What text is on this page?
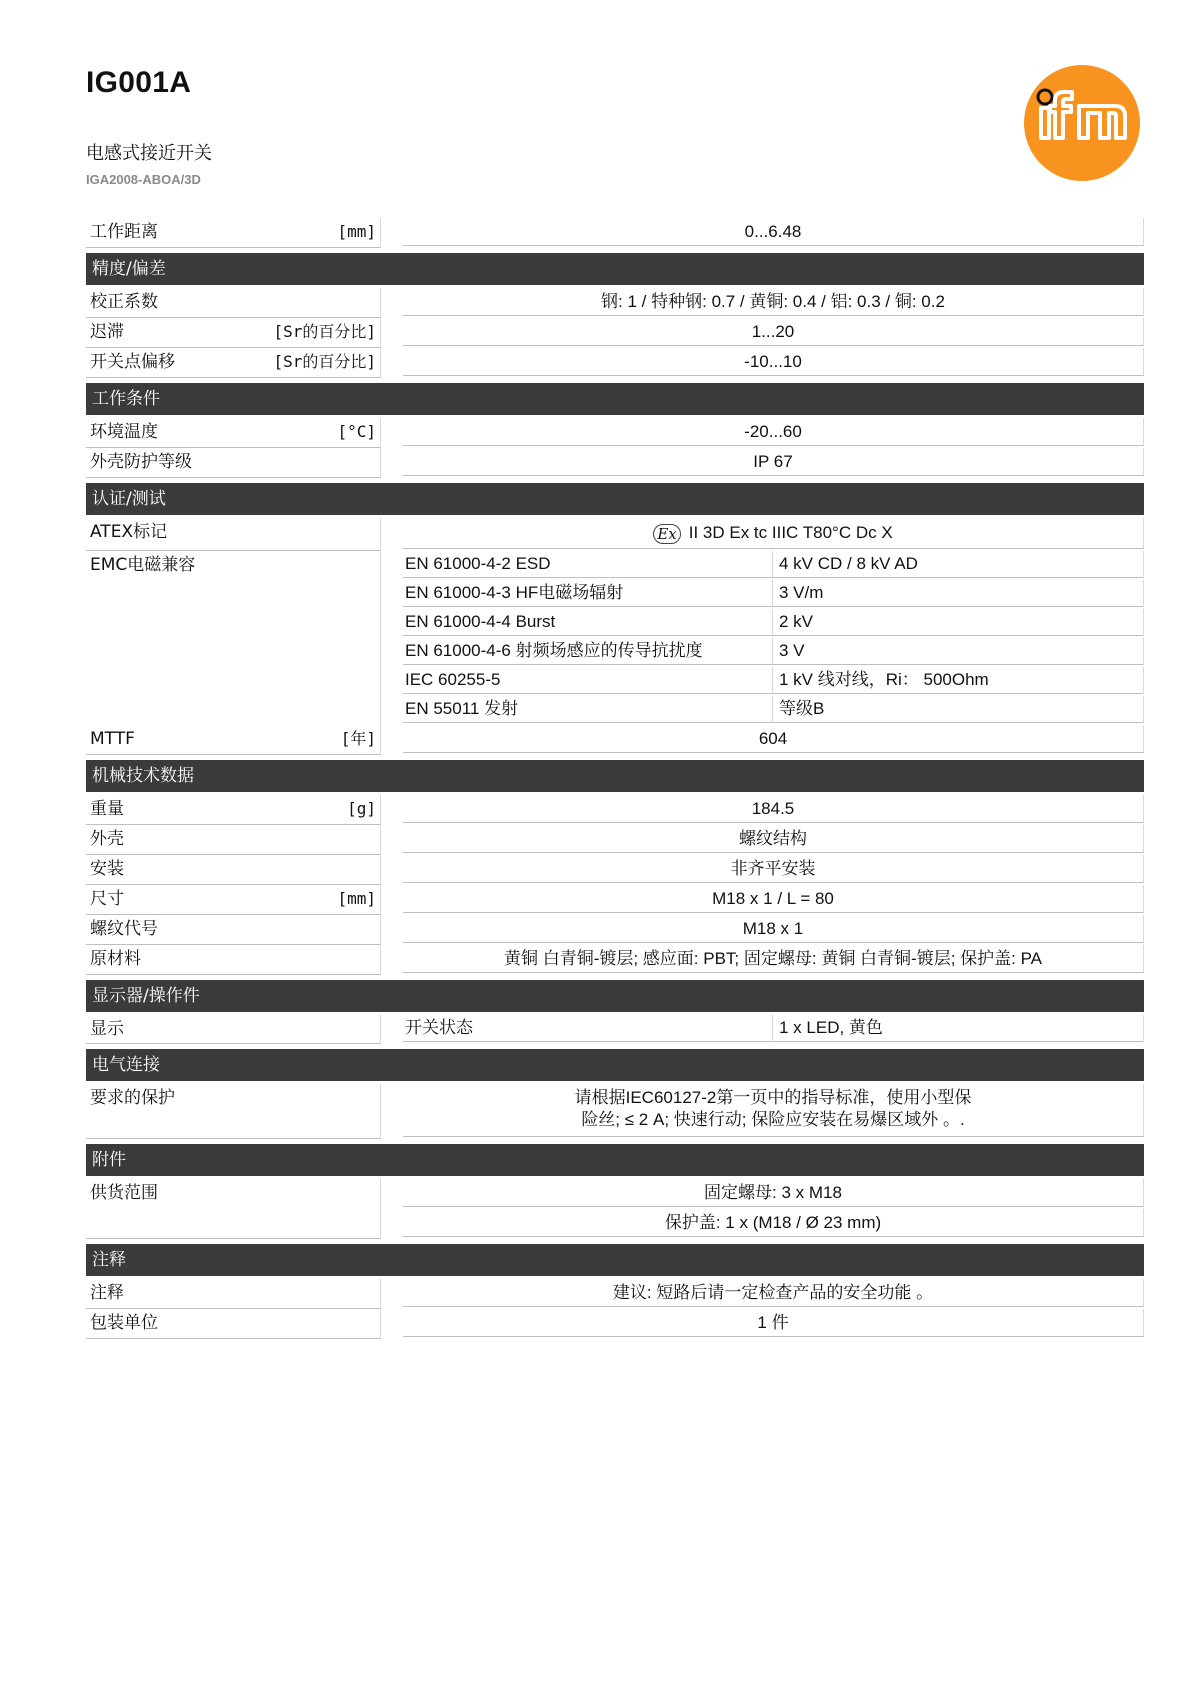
IG001A
电感式接近开关
IGA2008-ABOA/3D
工作距离	[mm]	0...6.48
精度/偏差
校正系数	钢: 1 / 特种钢: 0.7 / 黄铜: 0.4 / 铝: 0.3 / 铜: 0.2
迟滞	[Sr的百分比]	1...20
开关点偏移	[Sr的百分比]	-10...10
工作条件
环境温度	[°C]	-20...60
外壳防护等级	IP 67
认证/测试
ATEX标记	Ex II 3D Ex tc IIIC T80°C Dc X
EMC电磁兼容	EN 61000-4-2 ESD	4 kV CD / 8 kV AD
EN 61000-4-3 HF电磁场辐射	3 V/m
EN 61000-4-4 Burst	2 kV
EN 61000-4-6 射频场感应的传导抗扰度	3 V
IEC 60255-5	1 kV 线对线，Ri： 500Ohm
EN 55011 发射	等级B
MTTF	[年]	604
机械技术数据
重量	[g]	184.5
外壳	螺纹结构
安装	非齐平安装
尺寸	[mm]	M18 x 1 / L = 80
螺纹代号	M18 x 1
原材料	黄铜 白青铜-镀层; 感应面: PBT; 固定螺母: 黄铜 白青铜-镀层; 保护盖: PA
显示器/操作件
显示	开关状态	1 x LED, 黄色
电气连接
要求的保护	请根据IEC60127-2第一页中的指导标准，使用小型保
险丝; ≤ 2 A; 快速行动; 保险应安装在易爆区域外 。.
附件
供货范围	固定螺母: 3 x M18
保护盖: 1 x (M18 / Ø 23 mm)
注释
注释	建议: 短路后请一定检查产品的安全功能 。
包装单位	1 件
